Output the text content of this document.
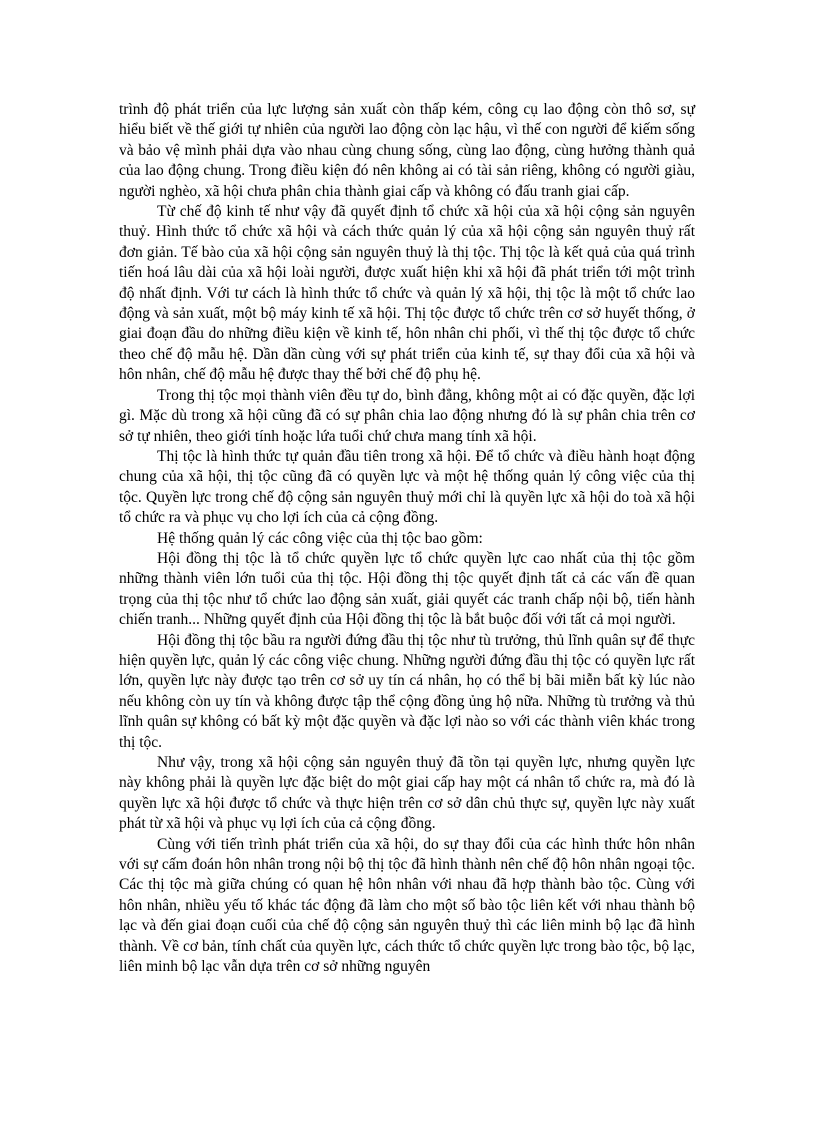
trình độ phát triển của lực lượng sản xuất còn thấp kém, công cụ lao động còn thô sơ, sự hiểu biết về thế giới tự nhiên của người lao động còn lạc hậu, vì thế con người để kiếm sống và bảo vệ mình phải dựa vào nhau cùng chung sống, cùng lao động, cùng hưởng thành quả của lao động chung. Trong điều kiện đó nên không ai có tài sản riêng, không có người giàu, người nghèo, xã hội chưa phân chia thành giai cấp và không có đấu tranh giai cấp.

Từ chế độ kinh tế như vậy đã quyết định tổ chức xã hội của xã hội cộng sản nguyên thuỷ. Hình thức tổ chức xã hội và cách thức quản lý của xã hội cộng sản nguyên thuỷ rất đơn giản. Tế bào của xã hội cộng sản nguyên thuỷ là thị tộc. Thị tộc là kết quả của quá trình tiến hoá lâu dài của xã hội loài người, được xuất hiện khi xã hội đã phát triển tới một trình độ nhất định. Với tư cách là hình thức tổ chức và quản lý xã hội, thị tộc là một tổ chức lao động và sản xuất, một bộ máy kinh tế xã hội. Thị tộc được tổ chức trên cơ sở huyết thống, ở giai đoạn đầu do những điều kiện về kinh tế, hôn nhân chi phối, vì thế thị tộc được tổ chức theo chế độ mẫu hệ. Dần dần cùng với sự phát triển của kinh tế, sự thay đổi của xã hội và hôn nhân, chế độ mẫu hệ được thay thế bởi chế độ phụ hệ.

Trong thị tộc mọi thành viên đều tự do, bình đẳng, không một ai có đặc quyền, đặc lợi gì. Mặc dù trong xã hội cũng đã có sự phân chia lao động nhưng đó là sự phân chia trên cơ sở tự nhiên, theo giới tính hoặc lứa tuổi chứ chưa mang tính xã hội.

Thị tộc là hình thức tự quản đầu tiên trong xã hội. Để tổ chức và điều hành hoạt động chung của xã hội, thị tộc cũng đã có quyền lực và một hệ thống quản lý công việc của thị tộc. Quyền lực trong chế độ cộng sản nguyên thuỷ mới chỉ là quyền lực xã hội do toà xã hội tổ chức ra và phục vụ cho lợi ích của cả cộng đồng.

Hệ thống quản lý các công việc của thị tộc bao gồm:

Hội đồng thị tộc là tổ chức quyền lực tổ chức quyền lực cao nhất của thị tộc gồm những thành viên lớn tuổi của thị tộc. Hội đồng thị tộc quyết định tất cả các vấn đề quan trọng của thị tộc như tổ chức lao động sản xuất, giải quyết các tranh chấp nội bộ, tiến hành chiến tranh... Những quyết định của Hội đồng thị tộc là bắt buộc đối với tất cả mọi người.

Hội đồng thị tộc bầu ra người đứng đầu thị tộc như tù trưởng, thủ lĩnh quân sự để thực hiện quyền lực, quản lý các công việc chung. Những người đứng đầu thị tộc có quyền lực rất lớn, quyền lực này được tạo trên cơ sở uy tín cá nhân, họ có thể bị bãi miễn bất kỳ lúc nào nếu không còn uy tín và không được tập thể cộng đồng ủng hộ nữa. Những tù trưởng và thủ lĩnh quân sự không có bất kỳ một đặc quyền và đặc lợi nào so với các thành viên khác trong thị tộc.

Như vậy, trong xã hội cộng sản nguyên thuỷ đã tồn tại quyền lực, nhưng quyền lực này không phải là quyền lực đặc biệt do một giai cấp hay một cá nhân tổ chức ra, mà đó là quyền lực xã hội được tổ chức và thực hiện trên cơ sở dân chủ thực sự, quyền lực này xuất phát từ xã hội và phục vụ lợi ích của cả cộng đồng.

Cùng với tiến trình phát triển của xã hội, do sự thay đổi của các hình thức hôn nhân với sự cấm đoán hôn nhân trong nội bộ thị tộc đã hình thành nên chế độ hôn nhân ngoại tộc. Các thị tộc mà giữa chúng có quan hệ hôn nhân với nhau đã hợp thành bào tộc. Cùng với hôn nhân, nhiều yếu tố khác tác động đã làm cho một số bào tộc liên kết với nhau thành bộ lạc và đến giai đoạn cuối của chế độ cộng sản nguyên thuỷ thì các liên minh bộ lạc đã hình thành. Về cơ bản, tính chất của quyền lực, cách thức tổ chức quyền lực trong bào tộc, bộ lạc, liên minh bộ lạc vẫn dựa trên cơ sở những nguyên
